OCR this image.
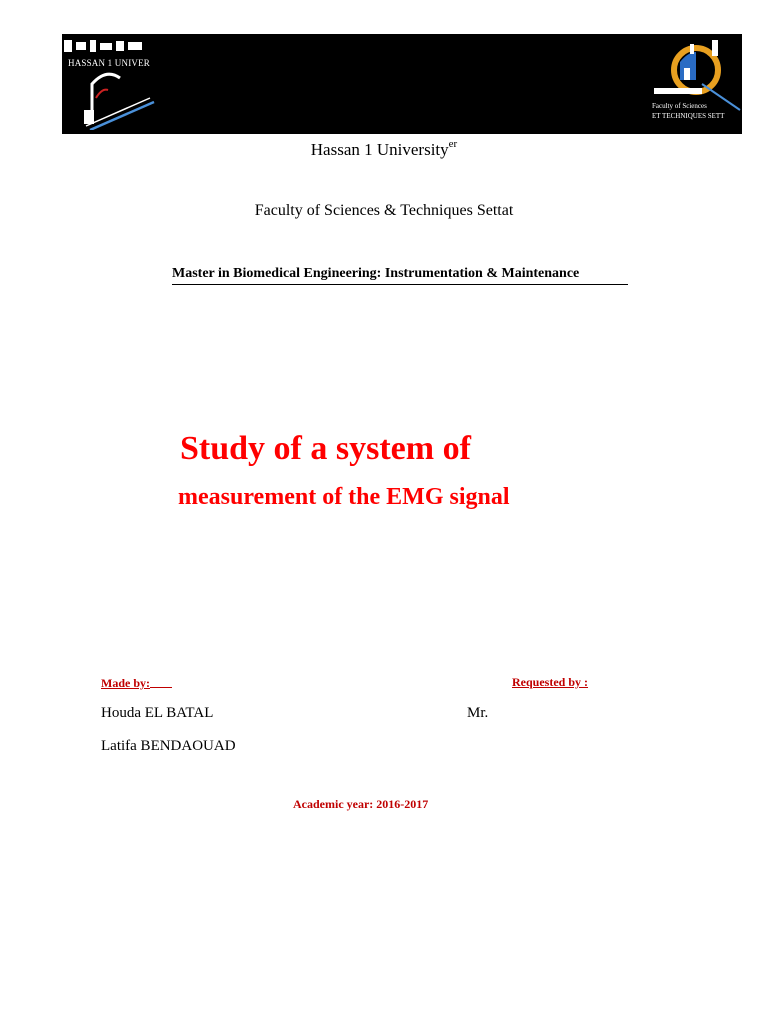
HASSAN 1 UNIVER
Faculty of Sciences
ET TECHNIQUES SETT
Hassan 1 University$^{er}$
Faculty of Sciences & Techniques Settat
Master in Biomedical Engineering: Instrumentation & Maintenance
Study of a system of
measurement of the EMG signal
Made by:	Requested by :
Houda EL BATAL
Latifa BENDAOUAD
Mr.
Academic year: 2016-2017
